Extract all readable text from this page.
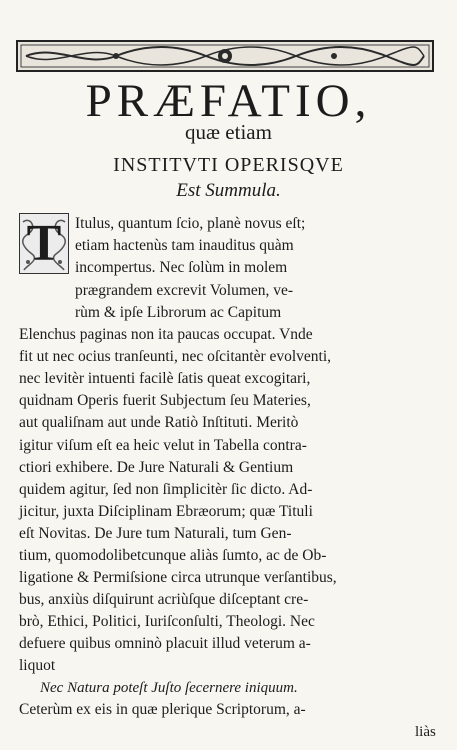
PRÆFATIO,
quæ etiam
INSTITVTI OPERISQVE
Est Summula.
T Itulus, quantum ſcio, planè novus eſt;
etiam hactenùs tam inauditus quàm
incompertus. Nec ſolùm in molem
prægrandem excrevit Volumen, ve-
rùm & ipſe Librorum ac Capitum
Elenchus paginas non ita paucas occupat. Vnde
fit ut nec ocius tranſeunti, nec oſcitantèr evolventi,
nec levitèr intuenti facilè ſatis queat excogitari,
quidnam Operis fuerit Subjectum ſeu Materies,
aut qualiſnam aut unde Ratiò Inſtituti. Meritò
igitur viſum eſt ea heic velut in Tabella contra-
ctiori exhibere. De Jure Naturali & Gentium
quidem agitur, ſed non ſimplicitèr ſic dicto. Ad-
jicitur, juxta Diſciplinam Ebræorum; quæ Tituli
eſt Novitas. De Jure tum Naturali, tum Gen-
tium, quomodolibetcunque aliàs ſumto, ac de Ob-
ligatione & Permiſsione circa utrunque verſantibus,
bus, anxiùs diſquirunt acriùſque diſceptant cre-
brò, Ethici, Politici, Iuriſconſulti, Theologi. Nec
defuere quibus omninò placuit illud veterum a-
liquot
Nec Natura poteſt Juſto ſecernere iniquum.
Ceterùm ex eis in quæ plerique Scriptorum, a-
liàs
